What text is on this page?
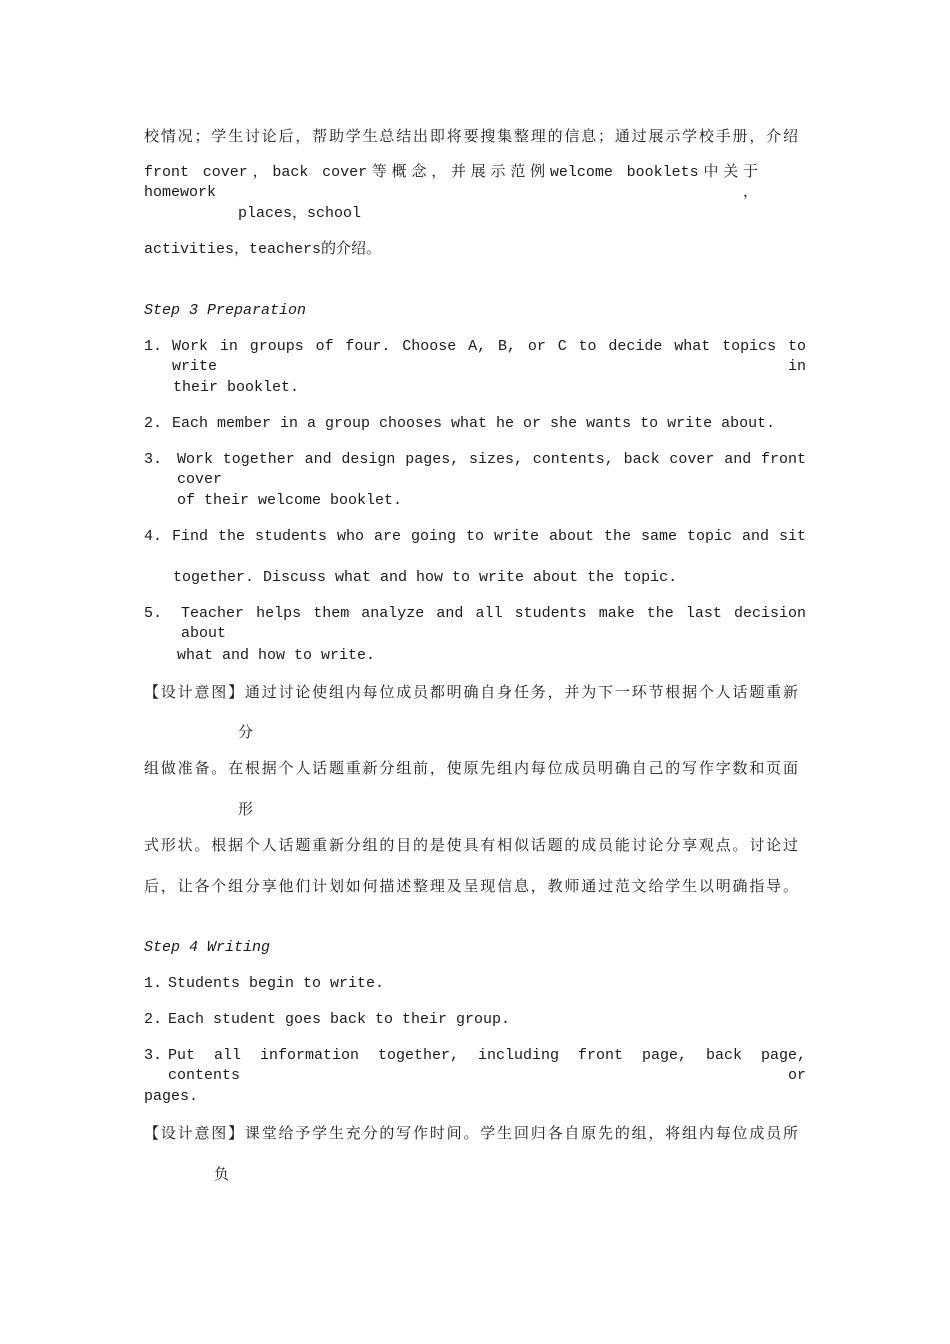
校情况；学生讨论后，帮助学生总结出即将要搜集整理的信息；通过展示学校手册，介绍
front cover，back cover等概念，并展示范例welcome booklets中关于homework，
places，school
activities，teachers的介绍。
Step 3 Preparation
1. Work in groups of four. Choose A, B, or C to decide what topics to write in
their booklet.
2. Each member in a group chooses what he or she wants to write about.
3. Work together and design pages, sizes, contents, back cover and front cover
of their welcome booklet.
4. Find the students who are going to write about the same topic and sit
together. Discuss what and how to write about the topic.
5. Teacher helps them analyze and all students make the last decision about
what and how to write.
【设计意图】通过讨论使组内每位成员都明确自身任务，并为下一环节根据个人话题重新
分
组做准备。在根据个人话题重新分组前，使原先组内每位成员明确自己的写作字数和页面
形
式形状。根据个人话题重新分组的目的是使具有相似话题的成员能讨论分享观点。讨论过
后，让各个组分享他们计划如何描述整理及呈现信息，教师通过范文给学生以明确指导。
Step 4 Writing
1. Students begin to write.
2. Each student goes back to their group.
3. Put all information together, including front page, back page, contents or
pages.
【设计意图】课堂给予学生充分的写作时间。学生回归各自原先的组，将组内每位成员所
负
